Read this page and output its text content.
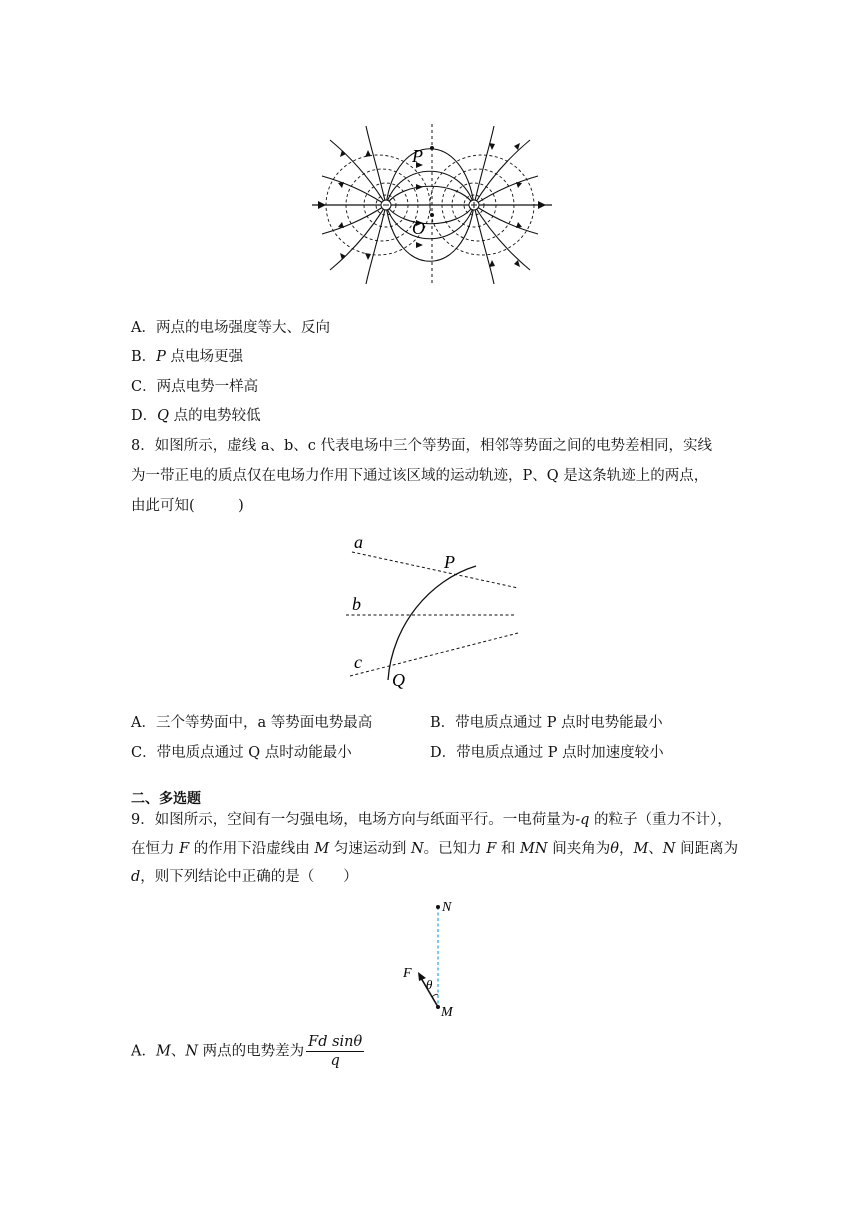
P
O
A．两点的电场强度等大、反向
B．P 点电场更强
C．两点电势一样高
D．Q 点的电势较低
8．如图所示，虚线 a、b、c 代表电场中三个等势面，相邻等势面之间的电势差相同，实线
为一带正电的质点仅在电场力作用下通过该区域的运动轨迹，P、Q 是这条轨迹上的两点，
由此可知(　　　)
a
b
c
P
Q
A．三个等势面中，a 等势面电势最高	B．带电质点通过 P 点时电势能最小
C．带电质点通过 Q 点时动能最小	D．带电质点通过 P 点时加速度较小
二、多选题
9．如图所示，空间有一匀强电场，电场方向与纸面平行。一电荷量为-q 的粒子（重力不计），
在恒力 F 的作用下沿虚线由 M 匀速运动到 N。已知力 F 和 MN 间夹角为θ，M、N 间距离为
d，则下列结论中正确的是（　　）
N
M
F
θ
A．M、N 两点的电势差为 $\frac{\text{Fd sinθ}}{q}$
